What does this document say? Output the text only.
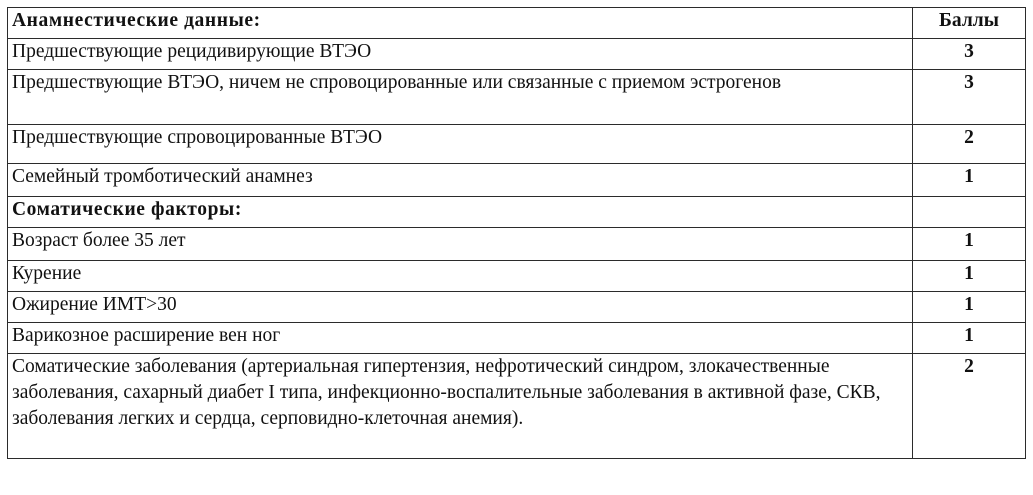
Анамнестические данные:	Баллы
Предшествующие рецидивирующие ВТЭО	3
Предшествующие ВТЭО, ничем не спровоцированные или связанные с приемом эстрогенов	3
Предшествующие спровоцированные ВТЭО	2
Семейный тромботический анамнез	1
Соматические факторы:	
Возраст более 35 лет	1
Курение	1
Ожирение ИМТ>30	1
Варикозное расширение вен ног	1
Соматические заболевания (артериальная гипертензия, нефротический синдром, злокачественные заболевания, сахарный диабет I типа, инфекционно-воспалительные заболевания в активной фазе, СКВ, заболевания легких и сердца, серповидно-клеточная анемия).	2
